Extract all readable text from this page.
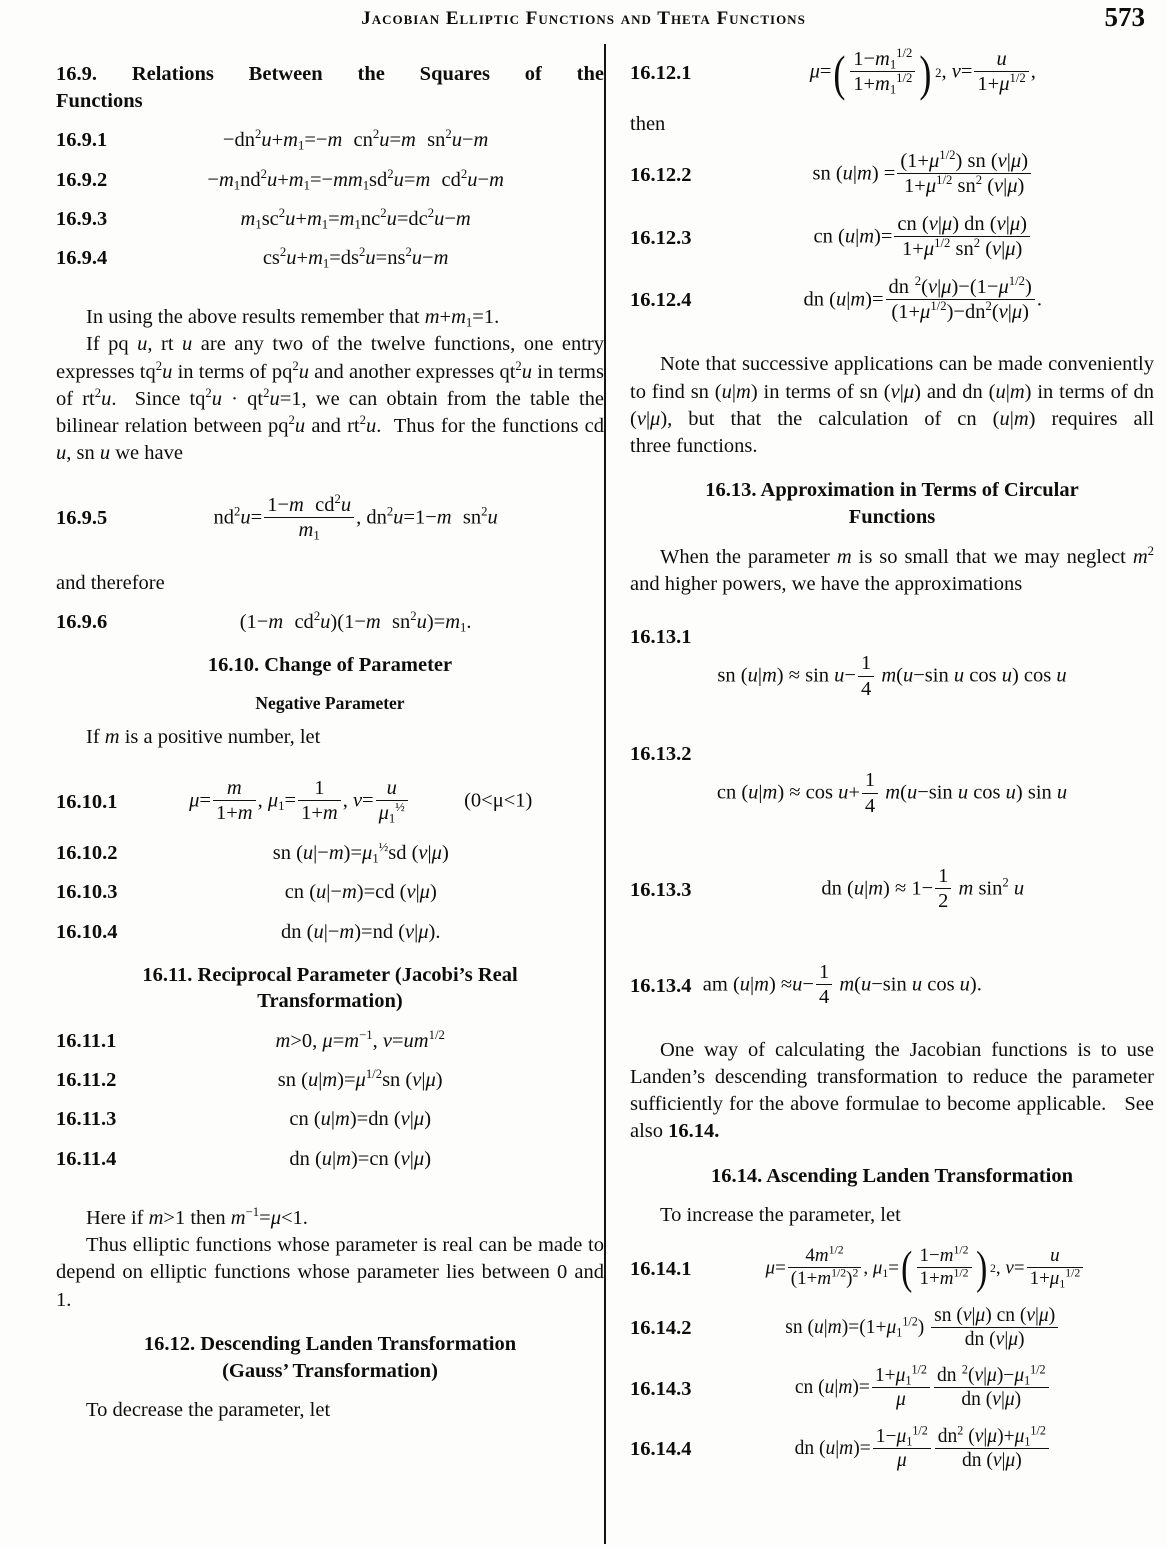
Jacobian Elliptic Functions and Theta Functions	573
16.9. Relations Between the Squares of the
Functions
16.9.1	$-dn^2u+m_1=-m$ $cn^2u=m$ $sn^2u-m$
16.9.2	$-m_1nd^2u+m_1=-mm_1sd^2u=m$ $cd^2u-m$
16.9.3	$m_1sc^2u+m_1=m_1nc^2u=dc^2u-m$
16.9.4	$cs^2u+m_1=ds^2u=ns^2u-m$

In using the above results remember that $m+m_1=1$.

If pq u, rt u are any two of the twelve functions, one entry expresses $tq^2u$ in terms of $pq^2u$ and another expresses $qt^2u$ in terms of $rt^2u$.  Since $tq^2u \cdot qt^2u=1$, we can obtain from the table the bilinear relation between $pq^2u$ and $rt^2u$.  Thus for the functions cd u, sn u we have

16.9.5	$nd^2u= \frac{1-m cd^2u}{m_1}$ , $dn^2u=1-m$ $sn^2u$

and therefore

16.9.6	(1−m $cd^2u)(1-m$ $sn^2u)=m_1$.
16.10. Change of Parameter
Negative Parameter

If m is a positive number, let

16.10.1	$\mu= \frac{m}{1+m}$ , $\mu_1= \frac{1}{1+m}$ , $v= \frac{u}{\mu_1^{\frac{1}{2}}}$	(0<μ<1)
16.10.2	sn $(u|-m)=\mu_1^{\frac{1}{2}}sd$ (v|μ)
16.10.3	cn (u|−m)=cd (v|μ)
16.10.4	dn (u|−m)=nd (v|μ).
16.11. Reciprocal Parameter (Jacobi’s Real
Transformation)
16.11.1	m>0, $\mu=m^{-1}$, $v=um^{1/2}$
16.11.2	sn $(u|m)=\mu^{1/2}sn$ (v|μ)
16.11.3	cn (u|m)=dn (v|μ)
16.11.4	dn (u|m)=cn (v|μ)

Here if m>1 then $m^{-1}=\mu<1$.

Thus elliptic functions whose parameter is real can be made to depend on elliptic functions whose parameter lies between 0 and 1.

16.12. Descending Landen Transformation
(Gauss’ Transformation)

To decrease the parameter, let

16.12.1	μ= ( $\frac{1-m_1^{1/2}}{1+m_1^{1/2}}$ ) 2 , $v= \frac{u}{1+\mu^{1/2}}$ ,

then

16.12.2	sn $(u|m) = \frac{(1+\mu^{1/2}) sn (v|\mu)}{1+\mu^{1/2} sn^2 (v|\mu)}$
16.12.3	cn $(u|m)= \frac{cn (v|\mu) dn (v|\mu)}{1+\mu^{1/2} sn^2 (v|\mu)}$
16.12.4	dn $(u|m)= \frac{dn ^2(v|\mu)-(1-\mu^{1/2})}{(1+\mu^{1/2})-dn^2(v|\mu)}$ .

Note that successive applications can be made conveniently to find sn (u|m) in terms of sn (v|μ) and dn (u|m) in terms of dn (v|μ), but that the calculation of cn (u|m) requires all three functions.

16.13. Approximation in Terms of Circular
Functions

When the parameter m is so small that we may neglect $m^2$ and higher powers, we have the approximations

16.13.1
sn $(u|m) \approx \sin u- \frac{1}{4} m(u-\sin$ u cos u) cos u
16.13.2
cn $(u|m) \approx \cos u+ \frac{1}{4} m(u-\sin$ u cos u) sin u
16.13.3	dn $(u|m) \approx 1- \frac{1}{2}$ m $\sin^2 u$
16.13.4 am $(u|m) \approx u- \frac{1}{4} m(u-\sin$ u cos u).

One way of calculating the Jacobian functions is to use Landen’s descending transformation to reduce the parameter sufficiently for the above formulae to become applicable.   See also 16.14.

16.14. Ascending Landen Transformation

To increase the parameter, let

16.14.1	$\mu= \frac{4m^{1/2}}{(1+m^{1/2})^2}$ , $\mu_1=$ ( $\frac{1-m^{1/2}}{1+m^{1/2}}$ ) 2 , $v= \frac{u}{1+\mu_1^{1/2}}$
16.14.2	sn $(u|m)=(1+\mu_1^{1/2}) \frac{sn (v|\mu) cn (v|\mu)}{dn (v|\mu)}$
16.14.3	cn $(u|m)= \frac{1+\mu_1^{1/2}}{\mu} \frac{dn ^2(v|\mu)-\mu_1^{1/2}}{dn (v|\mu)}$
16.14.4	dn $(u|m)= \frac{1-\mu_1^{1/2}}{\mu} \frac{dn^2 (v|\mu)+\mu_1^{1/2}}{dn (v|\mu)}$
